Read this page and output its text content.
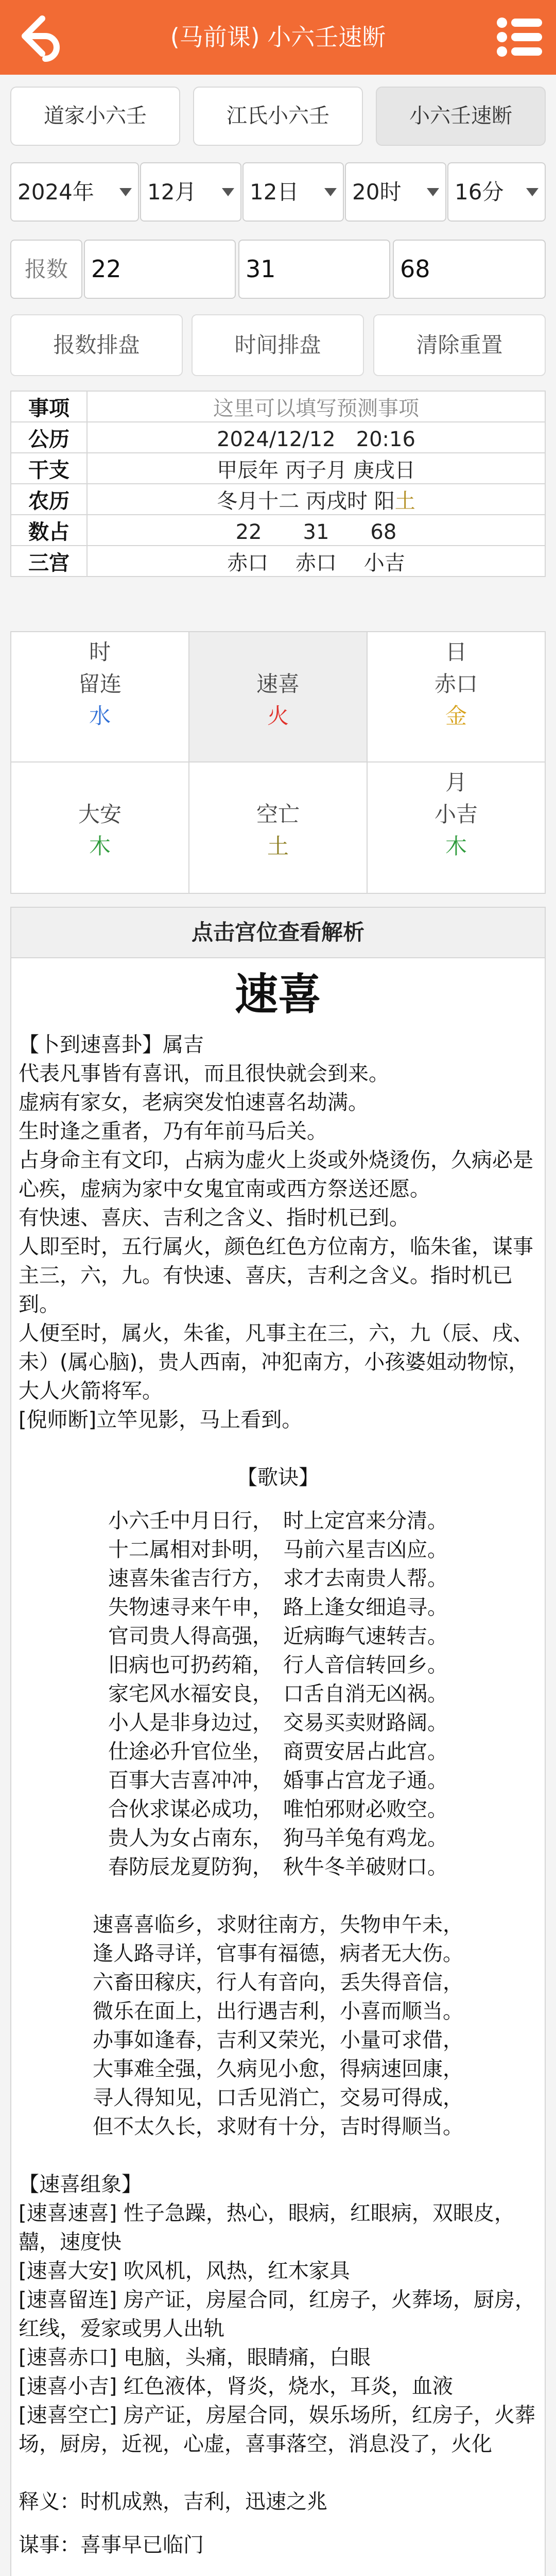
(马前课) 小六壬速断
道家小六壬	江氏小六壬	小六壬速断
2024年	12月	12日	20时	16分
报数 22	31	68
报数排盘	时间排盘	清除重置
事项	这里可以填写预测事项
公历	2024/12/12　20:16
干支	甲辰年 丙子月 庚戌日
农历	冬月十二 丙戌时 阳土
数占	22　　31　　68
三宫	赤口　 赤口　 小吉
时
留连
水

速喜
火
日
赤口
金

大安
木

空亡
土
月
小吉
木
点击宫位查看解析
速喜

【卜到速喜卦】属吉

代表凡事皆有喜讯，而且很快就会到来。

虚病有家女，老病突发怕速喜名劫满。

生时逢之重者，乃有年前马后关。

占身命主有文印，占病为虚火上炎或外烧烫伤，久病必是心疾，虚病为家中女鬼宜南或西方祭送还愿。

有快速、喜庆、吉利之含义、指时机已到。

人即至时，五行属火，颜色红色方位南方，临朱雀，谋事主三，六，九。有快速、喜庆，吉利之含义。指时机已到。

人便至时，属火，朱雀，凡事主在三，六，九（辰、戌、未）(属心脑)，贵人西南，冲犯南方，小孩婆姐动物惊，大人火箭将军。

[倪师断]立竿见影，马上看到。

【歌诀】

小六壬中月日行，　时上定宫来分清。

十二属相对卦明，　马前六星吉凶应。

速喜朱雀吉行方，　求才去南贵人帮。

失物速寻来午申，　路上逢女细追寻。

官司贵人得高强，　近病晦气速转吉。

旧病也可扔药箱，　行人音信转回乡。

家宅风水福安良，　口舌自消无凶祸。

小人是非身边过，　交易买卖财路阔。

仕途必升官位坐，　商贾安居占此宫。

百事大吉喜冲冲，　婚事占宫龙子通。

合伙求谋必成功，　唯怕邪财必败空。

贵人为女占南东，　狗马羊兔有鸡龙。

春防辰龙夏防狗，　秋牛冬羊破财口。

速喜喜临乡，求财往南方，失物申午未，

逢人路寻详，官事有福德，病者无大伤。

六畜田稼庆，行人有音向，丢失得音信，

微乐在面上，出行遇吉利，小喜而顺当。

办事如逢春，吉利又荣光，小量可求借，

大事难全强，久病见小愈，得病速回康，

寻人得知见，口舌见消亡，交易可得成，

但不太久长，求财有十分，吉时得顺当。

【速喜组象】

[速喜速喜] 性子急躁，热心，眼病，红眼病，双眼皮，囍，速度快

[速喜大安] 吹风机，风热，红木家具

[速喜留连] 房产证，房屋合同，红房子，火葬场，厨房，红线，爱家或男人出轨

[速喜赤口] 电脑，头痛，眼睛痛，白眼

[速喜小吉] 红色液体，肾炎，烧水，耳炎，血液

[速喜空亡] 房产证，房屋合同，娱乐场所，红房子，火葬场，厨房，近视，心虚，喜事落空，消息没了，火化

释义：时机成熟，吉利，迅速之兆

谋事：喜事早已临门
